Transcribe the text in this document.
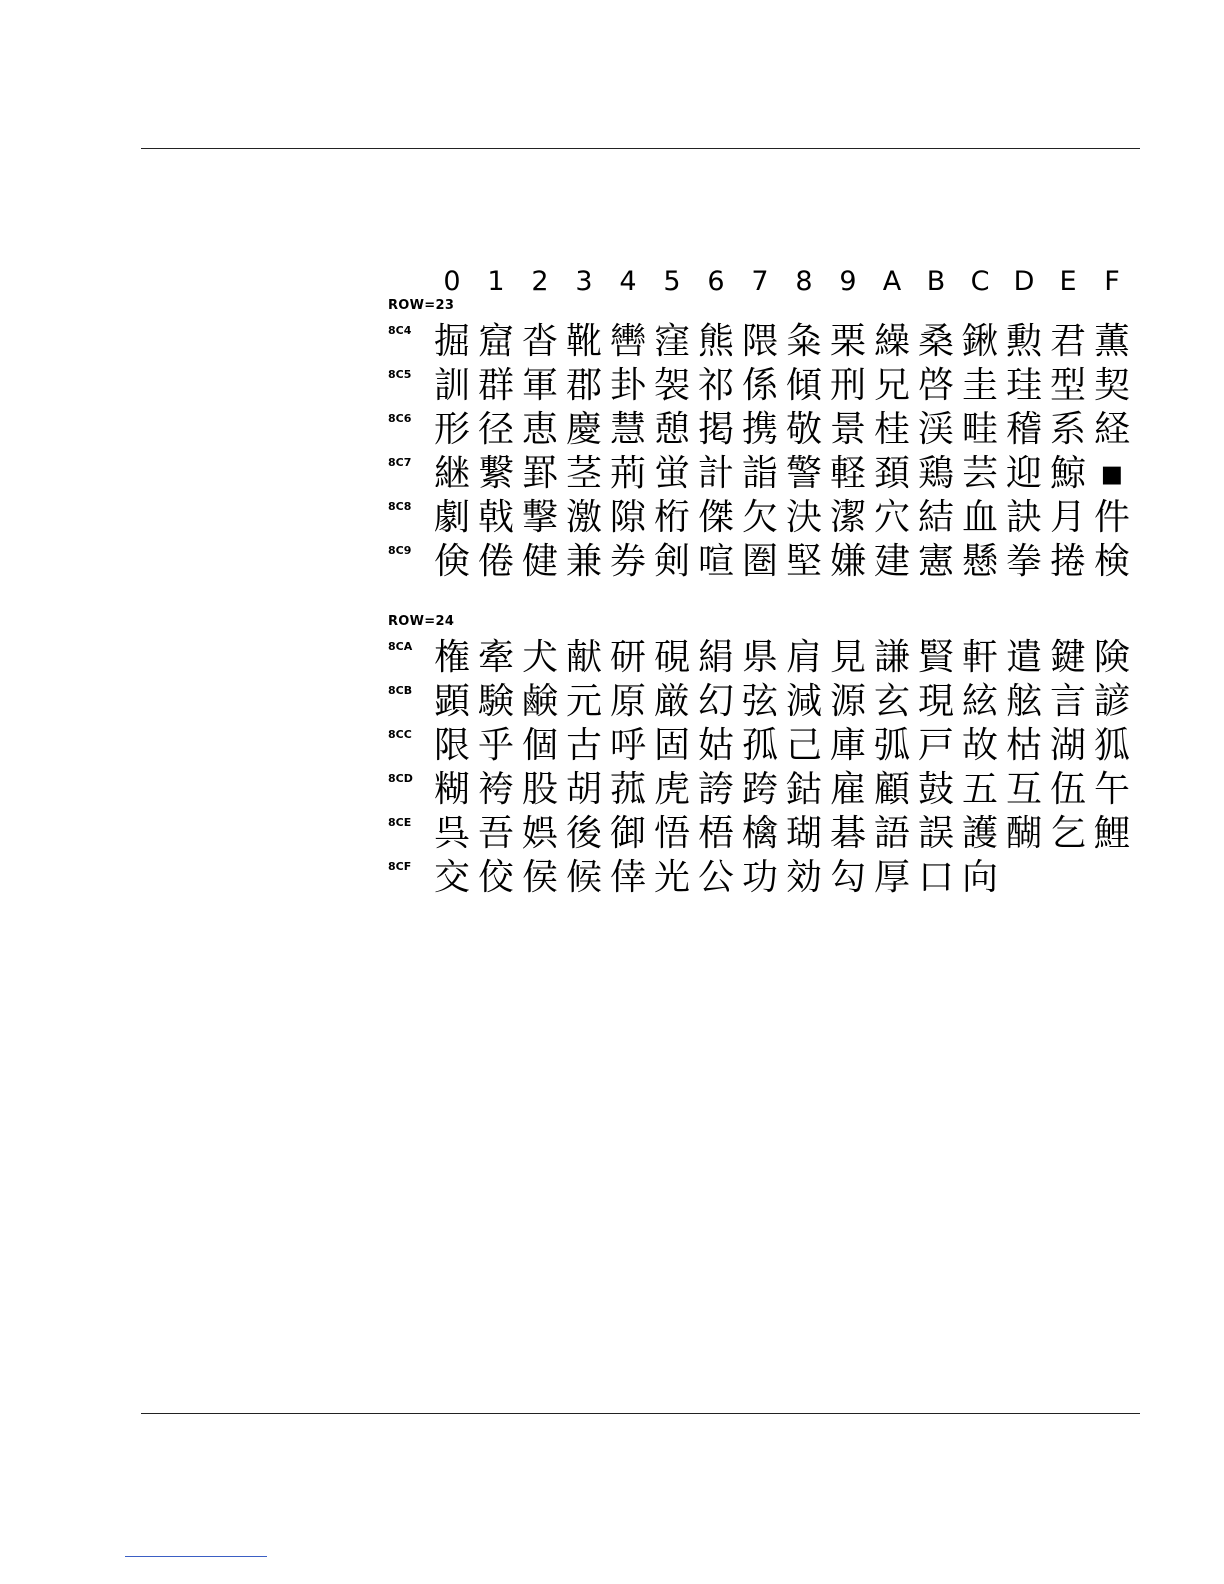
0 1 2 3 4 5 6 7 8 9 A B C D E	F
ROW=23
8C4 掘 窟 沓 靴 轡 窪 熊 隈 粂 栗 繰 桑 鍬 勲 君 薫
8C5 訓 群 軍 郡 卦 袈 祁 係 傾 刑 兄 啓 圭 珪 型 契
8C6 形 径 恵 慶 慧 憩 掲 携 敬 景 桂 渓 畦 稽 系 経
8C7 継 繋 罫 茎 荊 蛍 計 詣 警 軽 頚 鶏 芸 迎 鯨 ▪
8C8 劇 戟 撃 激 隙 桁 傑 欠 決 潔 穴 結 血 訣 月 件
8C9 倹 倦 健 兼 券 剣 喧 圏 堅 嫌 建 憲 懸 拳 捲 検
ROW=24
8CA 権 牽 犬 献 研 硯 絹 県 肩 見 謙 賢 軒 遣 鍵 険
8CB 顕 験 鹸 元 原 厳 幻 弦 減 源 玄 現 絃 舷 言 諺
8CC 限 乎 個 古 呼 固 姑 孤 己 庫 弧 戸 故 枯 湖 狐
8CD 糊 袴 股 胡 菰 虎 誇 跨 鈷 雇 顧 鼓 五 互 伍 午
8CE 呉 吾 娯 後 御 悟 梧 檎 瑚 碁 語 誤 護 醐 乞 鯉
8CF 交 佼 侯 候 倖 光 公 功 効 勾 厚 口 向
